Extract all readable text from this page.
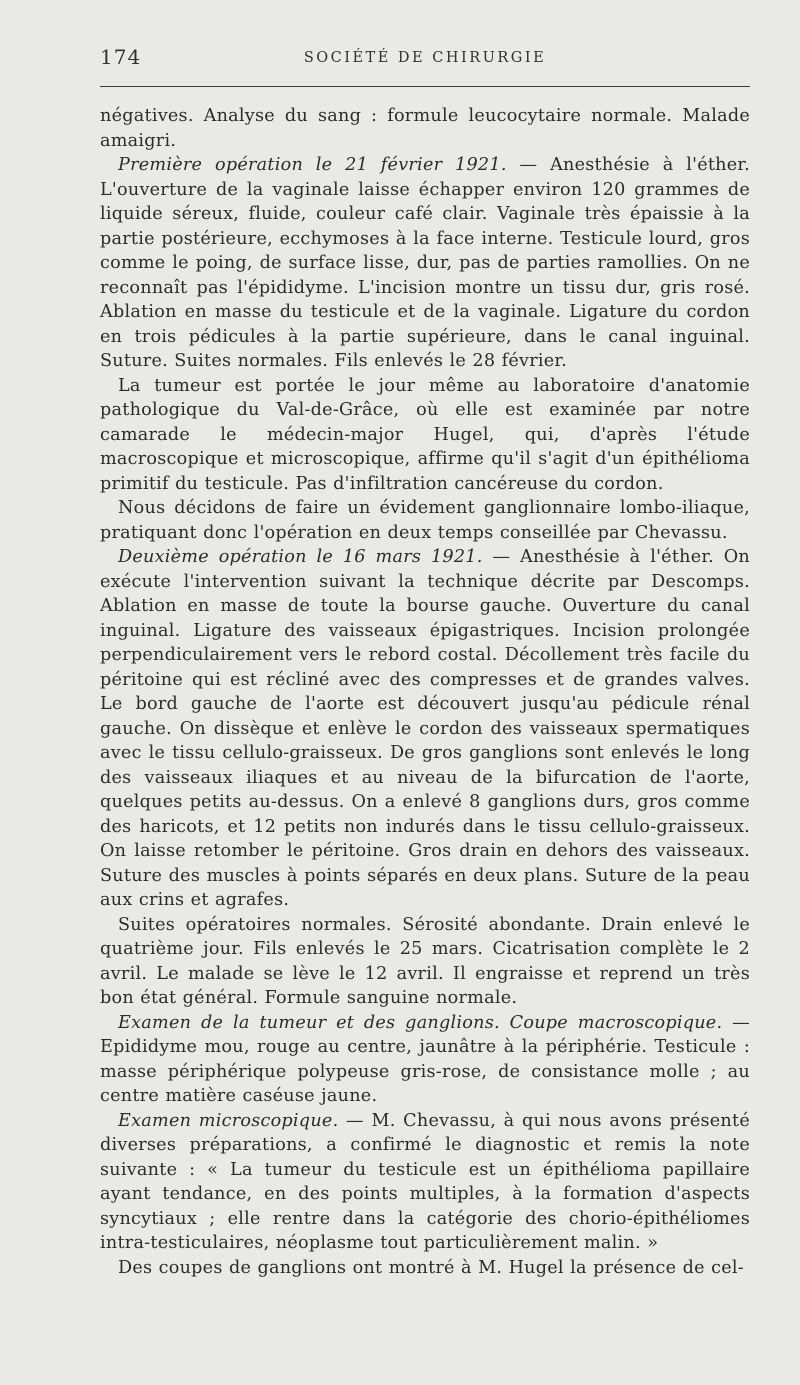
174	SOCIÉTÉ DE CHIRURGIE

négatives. Analyse du sang : formule leucocytaire normale. Malade amaigri.

Première opération le 21 février 1921. — Anesthésie à l'éther. L'ouverture de la vaginale laisse échapper environ 120 grammes de liquide séreux, fluide, couleur café clair. Vaginale très épaissie à la partie postérieure, ecchymoses à la face interne. Testicule lourd, gros comme le poing, de surface lisse, dur, pas de parties ramollies. On ne reconnaît pas l'épididyme. L'incision montre un tissu dur, gris rosé. Ablation en masse du testicule et de la vaginale. Ligature du cordon en trois pédicules à la partie supérieure, dans le canal inguinal. Suture. Suites normales. Fils enlevés le 28 février.

La tumeur est portée le jour même au laboratoire d'anatomie pathologique du Val-de-Grâce, où elle est examinée par notre camarade le médecin-major Hugel, qui, d'après l'étude macroscopique et microscopique, affirme qu'il s'agit d'un épithélioma primitif du testicule. Pas d'infiltration cancéreuse du cordon.

Nous décidons de faire un évidement ganglionnaire lombo-iliaque, pratiquant donc l'opération en deux temps conseillée par Chevassu.

Deuxième opération le 16 mars 1921. — Anesthésie à l'éther. On exécute l'intervention suivant la technique décrite par Descomps. Ablation en masse de toute la bourse gauche. Ouverture du canal inguinal. Ligature des vaisseaux épigastriques. Incision prolongée perpendiculairement vers le rebord costal. Décollement très facile du péritoine qui est récliné avec des compresses et de grandes valves. Le bord gauche de l'aorte est découvert jusqu'au pédicule rénal gauche. On dissèque et enlève le cordon des vaisseaux spermatiques avec le tissu cellulo-graisseux. De gros ganglions sont enlevés le long des vaisseaux iliaques et au niveau de la bifurcation de l'aorte, quelques petits au-dessus. On a enlevé 8 ganglions durs, gros comme des haricots, et 12 petits non indurés dans le tissu cellulo-graisseux. On laisse retomber le péritoine. Gros drain en dehors des vaisseaux. Suture des muscles à points séparés en deux plans. Suture de la peau aux crins et agrafes.

Suites opératoires normales. Sérosité abondante. Drain enlevé le quatrième jour. Fils enlevés le 25 mars. Cicatrisation complète le 2 avril. Le malade se lève le 12 avril. Il engraisse et reprend un très bon état général. Formule sanguine normale.

Examen de la tumeur et des ganglions. Coupe macroscopique. — Epididyme mou, rouge au centre, jaunâtre à la périphérie. Testicule : masse périphérique polypeuse gris-rose, de consistance molle ; au centre matière caséuse jaune.

Examen microscopique. — M. Chevassu, à qui nous avons présenté diverses préparations, a confirmé le diagnostic et remis la note suivante : « La tumeur du testicule est un épithélioma papillaire ayant tendance, en des points multiples, à la formation d'aspects syncytiaux ; elle rentre dans la catégorie des chorio-épithéliomes intra-testiculaires, néoplasme tout particulièrement malin. »

Des coupes de ganglions ont montré à M. Hugel la présence de cel-
